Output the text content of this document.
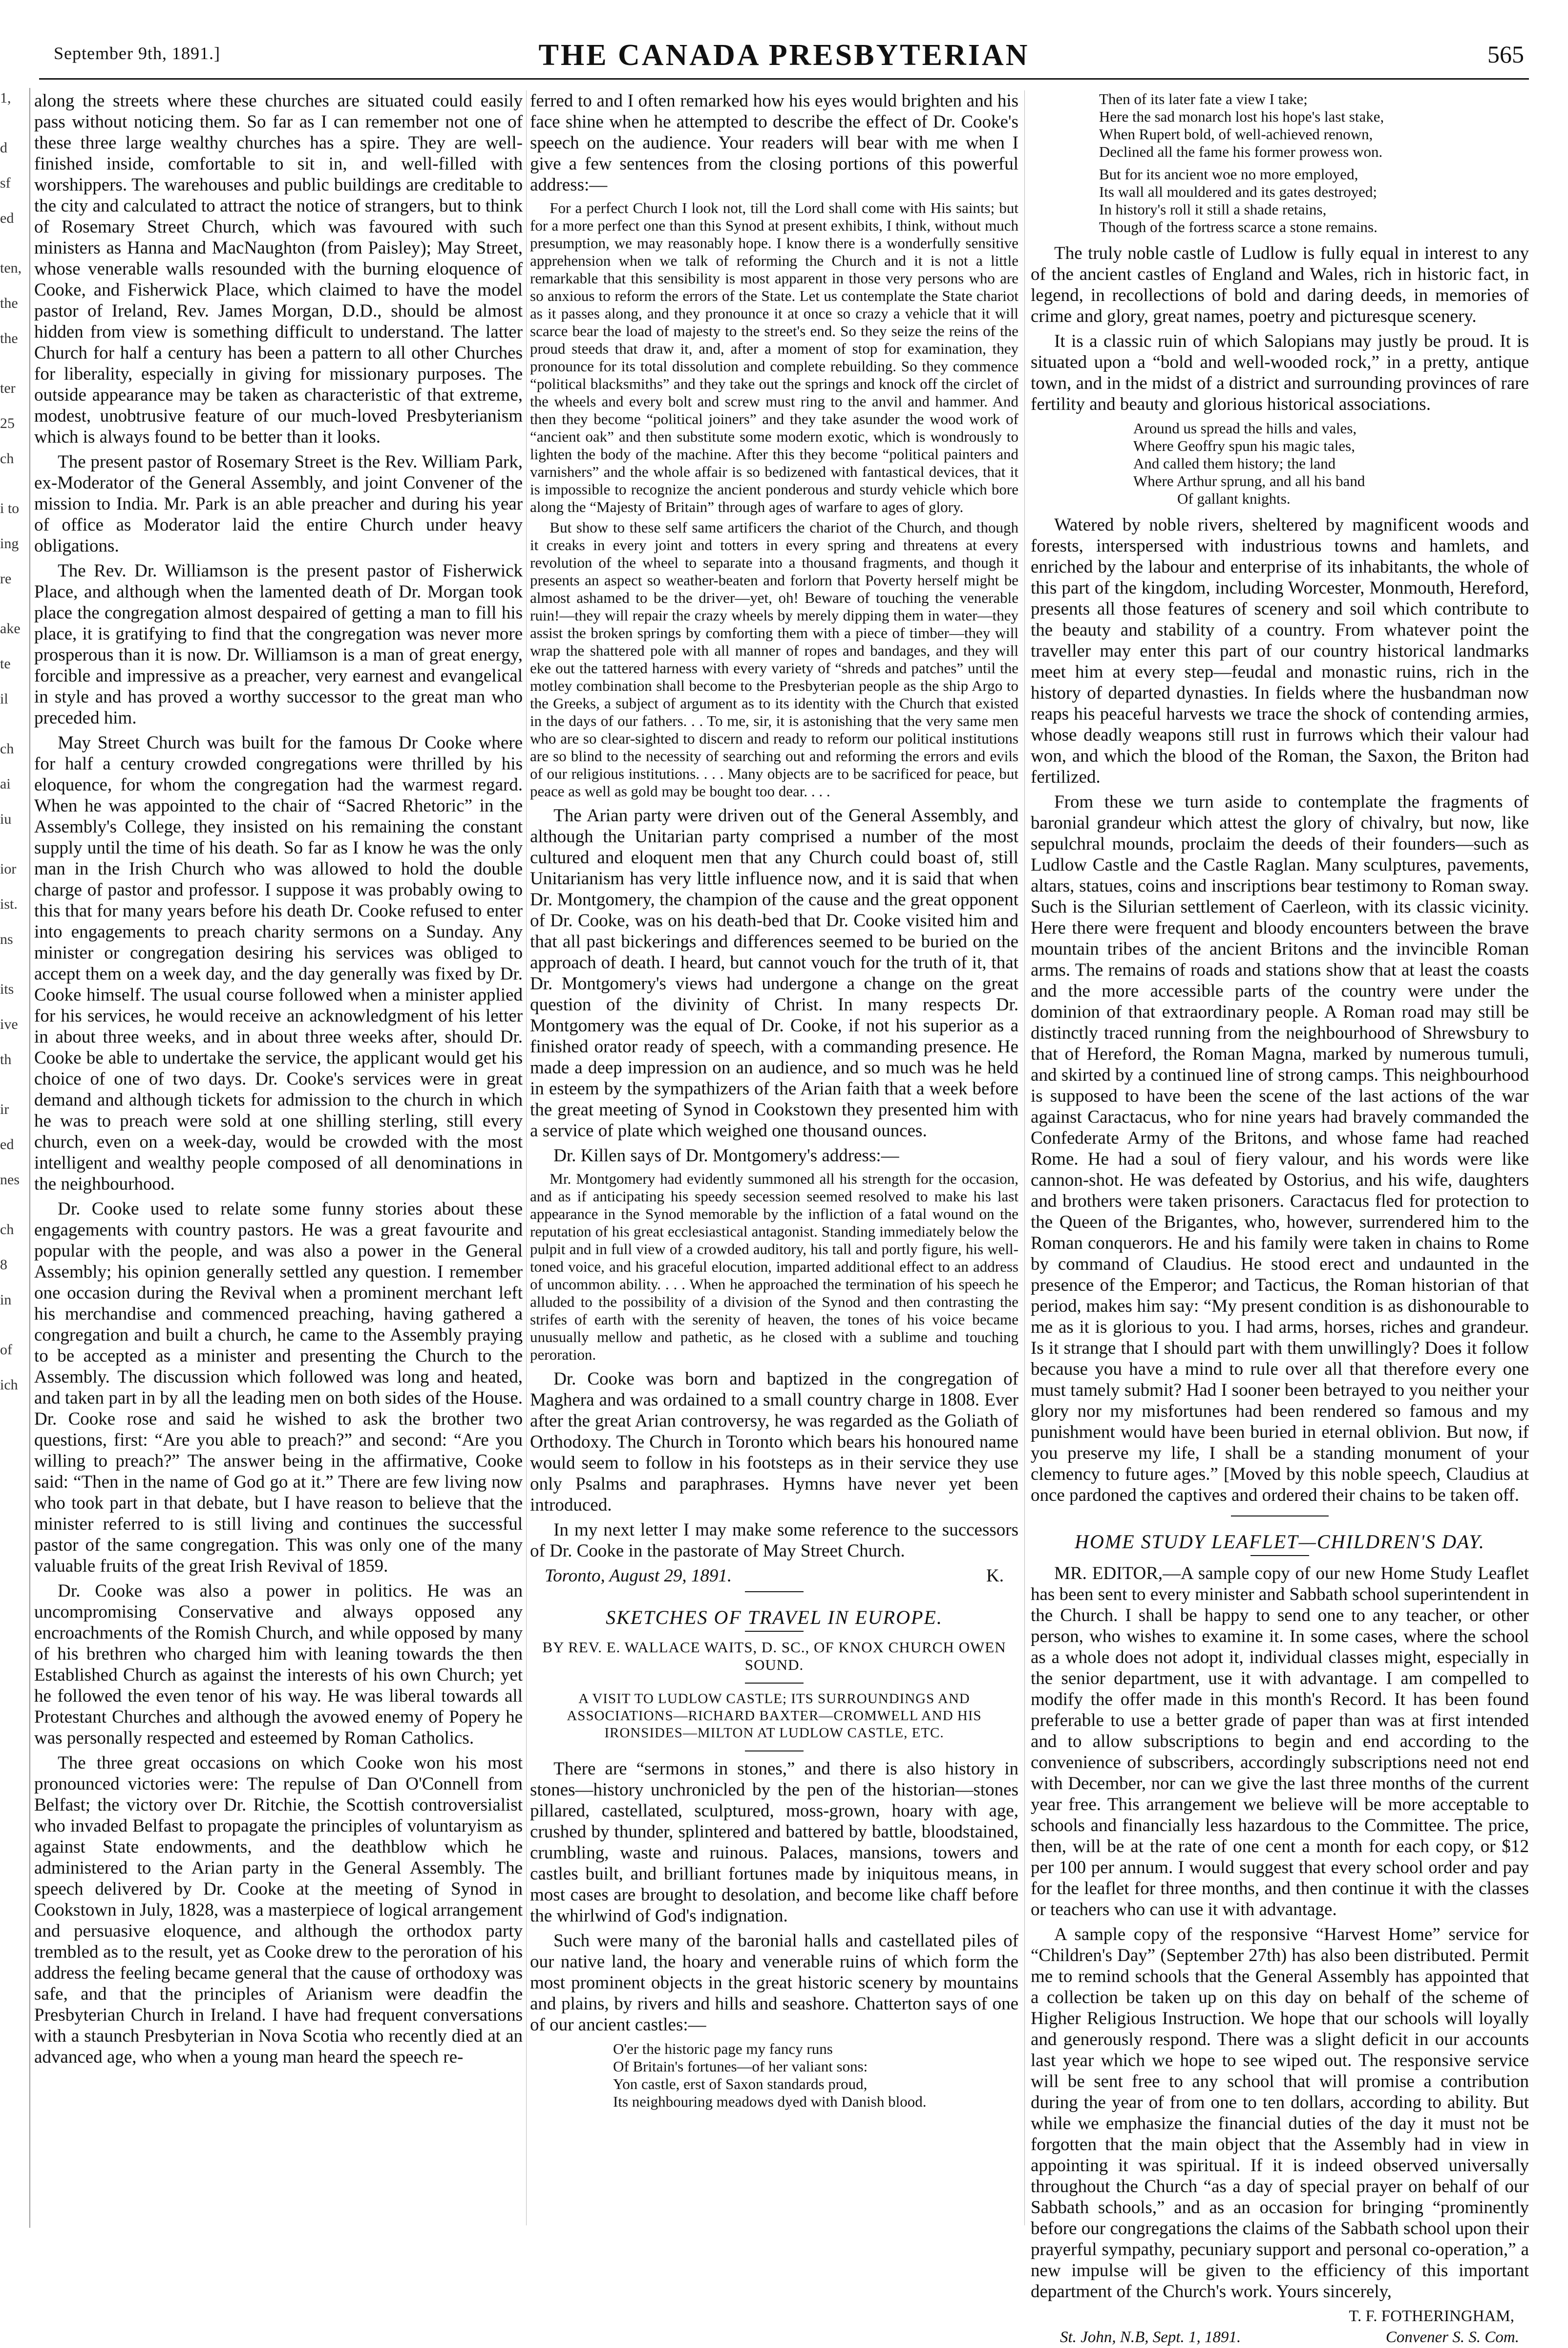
September 9th, 1891.]	THE CANADA PRESBYTERIAN	565
1,
d
sf
ed
ten,
the
the
ter
25
ch
i to
ing
re
ake
te
il
ch
ai
iu
ior
ist.
ns
its
ive
th
ir
ed
nes
ch
8
in
of
ich

along the streets where these churches are situated could easily pass without noticing them. So far as I can remember not one of these three large wealthy churches has a spire. They are well-finished inside, comfortable to sit in, and well-filled with worshippers. The warehouses and public buildings are creditable to the city and calculated to attract the notice of strangers, but to think of Rosemary Street Church, which was favoured with such ministers as Hanna and MacNaughton (from Paisley); May Street, whose venerable walls resounded with the burning eloquence of Cooke, and Fisherwick Place, which claimed to have the model pastor of Ireland, Rev. James Morgan, D.D., should be almost hidden from view is something difficult to understand. The latter Church for half a century has been a pattern to all other Churches for liberality, especially in giving for missionary purposes. The outside appearance may be taken as characteristic of that extreme, modest, unobtrusive feature of our much-loved Presbyterianism which is always found to be better than it looks.

The present pastor of Rosemary Street is the Rev. William Park, ex-Moderator of the General Assembly, and joint Convener of the mission to India. Mr. Park is an able preacher and during his year of office as Moderator laid the entire Church under heavy obligations.

The Rev. Dr. Williamson is the present pastor of Fisherwick Place, and although when the lamented death of Dr. Morgan took place the congregation almost despaired of getting a man to fill his place, it is gratifying to find that the congregation was never more prosperous than it is now. Dr. Williamson is a man of great energy, forcible and impressive as a preacher, very earnest and evangelical in style and has proved a worthy successor to the great man who preceded him.

May Street Church was built for the famous Dr Cooke where for half a century crowded congregations were thrilled by his eloquence, for whom the congregation had the warmest regard. When he was appointed to the chair of “Sacred Rhetoric” in the Assembly's College, they insisted on his remaining the constant supply until the time of his death. So far as I know he was the only man in the Irish Church who was allowed to hold the double charge of pastor and professor. I suppose it was probably owing to this that for many years before his death Dr. Cooke refused to enter into engagements to preach charity sermons on a Sunday. Any minister or congregation desiring his services was obliged to accept them on a week day, and the day generally was fixed by Dr. Cooke himself. The usual course followed when a minister applied for his services, he would receive an acknowledgment of his letter in about three weeks, and in about three weeks after, should Dr. Cooke be able to undertake the service, the applicant would get his choice of one of two days. Dr. Cooke's services were in great demand and although tickets for admission to the church in which he was to preach were sold at one shilling sterling, still every church, even on a week-day, would be crowded with the most intelligent and wealthy people composed of all denominations in the neighbourhood.

Dr. Cooke used to relate some funny stories about these engagements with country pastors. He was a great favourite and popular with the people, and was also a power in the General Assembly; his opinion generally settled any question. I remember one occasion during the Revival when a prominent merchant left his merchandise and commenced preaching, having gathered a congregation and built a church, he came to the Assembly praying to be accepted as a minister and presenting the Church to the Assembly. The discussion which followed was long and heated, and taken part in by all the leading men on both sides of the House. Dr. Cooke rose and said he wished to ask the brother two questions, first: “Are you able to preach?” and second: “Are you willing to preach?” The answer being in the affirmative, Cooke said: “Then in the name of God go at it.” There are few living now who took part in that debate, but I have reason to believe that the minister referred to is still living and continues the successful pastor of the same congregation. This was only one of the many valuable fruits of the great Irish Revival of 1859.

Dr. Cooke was also a power in politics. He was an uncompromising Conservative and always opposed any encroachments of the Romish Church, and while opposed by many of his brethren who charged him with leaning towards the then Established Church as against the interests of his own Church; yet he followed the even tenor of his way. He was liberal towards all Protestant Churches and although the avowed enemy of Popery he was personally respected and esteemed by Roman Catholics.

The three great occasions on which Cooke won his most pronounced victories were: The repulse of Dan O'Connell from Belfast; the victory over Dr. Ritchie, the Scottish controversialist who invaded Belfast to propagate the principles of voluntaryism as against State endowments, and the deathblow which he administered to the Arian party in the General Assembly. The speech delivered by Dr. Cooke at the meeting of Synod in Cookstown in July, 1828, was a masterpiece of logical arrangement and persuasive eloquence, and although the orthodox party trembled as to the result, yet as Cooke drew to the peroration of his address the feeling became general that the cause of orthodoxy was safe, and that the principles of Arianism were deadfin the Presbyterian Church in Ireland. I have had frequent conversations with a staunch Presbyterian in Nova Scotia who recently died at an advanced age, who when a young man heard the speech re-

ferred to and I often remarked how his eyes would brighten and his face shine when he attempted to describe the effect of Dr. Cooke's speech on the audience. Your readers will bear with me when I give a few sentences from the closing portions of this powerful address:—

For a perfect Church I look not, till the Lord shall come with His saints; but for a more perfect one than this Synod at present exhibits, I think, without much presumption, we may reasonably hope. I know there is a wonderfully sensitive apprehension when we talk of reforming the Church and it is not a little remarkable that this sensibility is most apparent in those very persons who are so anxious to reform the errors of the State. Let us contemplate the State chariot as it passes along, and they pronounce it at once so crazy a vehicle that it will scarce bear the load of majesty to the street's end. So they seize the reins of the proud steeds that draw it, and, after a moment of stop for examination, they pronounce for its total dissolution and complete rebuilding. So they commence “political blacksmiths” and they take out the springs and knock off the circlet of the wheels and every bolt and screw must ring to the anvil and hammer. And then they become “political joiners” and they take asunder the wood work of “ancient oak” and then substitute some modern exotic, which is wondrously to lighten the body of the machine. After this they become “political painters and varnishers” and the whole affair is so bedizened with fantastical devices, that it is impossible to recognize the ancient ponderous and sturdy vehicle which bore along the “Majesty of Britain” through ages of warfare to ages of glory.

But show to these self same artificers the chariot of the Church, and though it creaks in every joint and totters in every spring and threatens at every revolution of the wheel to separate into a thousand fragments, and though it presents an aspect so weather-beaten and forlorn that Poverty herself might be almost ashamed to be the driver—yet, oh! Beware of touching the venerable ruin!—they will repair the crazy wheels by merely dipping them in water—they assist the broken springs by comforting them with a piece of timber—they will wrap the shattered pole with all manner of ropes and bandages, and they will eke out the tattered harness with every variety of “shreds and patches” until the motley combination shall become to the Presbyterian people as the ship Argo to the Greeks, a subject of argument as to its identity with the Church that existed in the days of our fathers. . . To me, sir, it is astonishing that the very same men who are so clear-sighted to discern and ready to reform our political institutions are so blind to the necessity of searching out and reforming the errors and evils of our religious institutions. . . . Many objects are to be sacrificed for peace, but peace as well as gold may be bought too dear. . . .

The Arian party were driven out of the General Assembly, and although the Unitarian party comprised a number of the most cultured and eloquent men that any Church could boast of, still Unitarianism has very little influence now, and it is said that when Dr. Montgomery, the champion of the cause and the great opponent of Dr. Cooke, was on his death-bed that Dr. Cooke visited him and that all past bickerings and differences seemed to be buried on the approach of death. I heard, but cannot vouch for the truth of it, that Dr. Montgomery's views had undergone a change on the great question of the divinity of Christ. In many respects Dr. Montgomery was the equal of Dr. Cooke, if not his superior as a finished orator ready of speech, with a commanding presence. He made a deep impression on an audience, and so much was he held in esteem by the sympathizers of the Arian faith that a week before the great meeting of Synod in Cookstown they presented him with a service of plate which weighed one thousand ounces.

Dr. Killen says of Dr. Montgomery's address:—

Mr. Montgomery had evidently summoned all his strength for the occasion, and as if anticipating his speedy secession seemed resolved to make his last appearance in the Synod memorable by the infliction of a fatal wound on the reputation of his great ecclesiastical antagonist. Standing immediately below the pulpit and in full view of a crowded auditory, his tall and portly figure, his well-toned voice, and his graceful elocution, imparted additional effect to an address of uncommon ability. . . . When he approached the termination of his speech he alluded to the possibility of a division of the Synod and then contrasting the strifes of earth with the serenity of heaven, the tones of his voice became unusually mellow and pathetic, as he closed with a sublime and touching peroration.

Dr. Cooke was born and baptized in the congregation of Maghera and was ordained to a small country charge in 1808. Ever after the great Arian controversy, he was regarded as the Goliath of Orthodoxy. The Church in Toronto which bears his honoured name would seem to follow in his footsteps as in their service they use only Psalms and paraphrases. Hymns have never yet been introduced.

In my next letter I may make some reference to the successors of Dr. Cooke in the pastorate of May Street Church.

Toronto, August 29, 1891.	K.
SKETCHES OF TRAVEL IN EUROPE.
BY REV. E. WALLACE WAITS, D. SC., OF KNOX CHURCH OWEN SOUND.
A VISIT TO LUDLOW CASTLE; ITS SURROUNDINGS AND ASSOCIATIONS—RICHARD BAXTER—CROMWELL AND HIS IRONSIDES—MILTON AT LUDLOW CASTLE, ETC.

There are “sermons in stones,” and there is also history in stones—history unchronicled by the pen of the historian—stones pillared, castellated, sculptured, moss-grown, hoary with age, crushed by thunder, splintered and battered by battle, bloodstained, crumbling, waste and ruinous. Palaces, mansions, towers and castles built, and brilliant fortunes made by iniquitous means, in most cases are brought to desolation, and become like chaff before the whirlwind of God's indignation.

Such were many of the baronial halls and castellated piles of our native land, the hoary and venerable ruins of which form the most prominent objects in the great historic scenery by mountains and plains, by rivers and hills and seashore. Chatterton says of one of our ancient castles:—

O'er the historic page my fancy runs
Of Britain's fortunes—of her valiant sons:
Yon castle, erst of Saxon standards proud,
Its neighbouring meadows dyed with Danish blood.
Then of its later fate a view I take;
Here the sad monarch lost his hope's last stake,
When Rupert bold, of well-achieved renown,
Declined all the fame his former prowess won.
But for its ancient woe no more employed,
Its wall all mouldered and its gates destroyed;
In history's roll it still a shade retains,
Though of the fortress scarce a stone remains.

The truly noble castle of Ludlow is fully equal in interest to any of the ancient castles of England and Wales, rich in historic fact, in legend, in recollections of bold and daring deeds, in memories of crime and glory, great names, poetry and picturesque scenery.

It is a classic ruin of which Salopians may justly be proud. It is situated upon a “bold and well-wooded rock,” in a pretty, antique town, and in the midst of a district and surrounding provinces of rare fertility and beauty and glorious historical associations.

Around us spread the hills and vales,
Where Geoffry spun his magic tales,
And called them history; the land
Where Arthur sprung, and all his band
Of gallant knights.

Watered by noble rivers, sheltered by magnificent woods and forests, interspersed with industrious towns and hamlets, and enriched by the labour and enterprise of its inhabitants, the whole of this part of the kingdom, including Worcester, Monmouth, Hereford, presents all those features of scenery and soil which contribute to the beauty and stability of a country. From whatever point the traveller may enter this part of our country historical landmarks meet him at every step—feudal and monastic ruins, rich in the history of departed dynasties. In fields where the husbandman now reaps his peaceful harvests we trace the shock of contending armies, whose deadly weapons still rust in furrows which their valour had won, and which the blood of the Roman, the Saxon, the Briton had fertilized.

From these we turn aside to contemplate the fragments of baronial grandeur which attest the glory of chivalry, but now, like sepulchral mounds, proclaim the deeds of their founders—such as Ludlow Castle and the Castle Raglan. Many sculptures, pavements, altars, statues, coins and inscriptions bear testimony to Roman sway. Such is the Silurian settlement of Caerleon, with its classic vicinity. Here there were frequent and bloody encounters between the brave mountain tribes of the ancient Britons and the invincible Roman arms. The remains of roads and stations show that at least the coasts and the more accessible parts of the country were under the dominion of that extraordinary people. A Roman road may still be distinctly traced running from the neighbourhood of Shrewsbury to that of Hereford, the Roman Magna, marked by numerous tumuli, and skirted by a continued line of strong camps. This neighbourhood is supposed to have been the scene of the last actions of the war against Caractacus, who for nine years had bravely commanded the Confederate Army of the Britons, and whose fame had reached Rome. He had a soul of fiery valour, and his words were like cannon-shot. He was defeated by Ostorius, and his wife, daughters and brothers were taken prisoners. Caractacus fled for protection to the Queen of the Brigantes, who, however, surrendered him to the Roman conquerors. He and his family were taken in chains to Rome by command of Claudius. He stood erect and undaunted in the presence of the Emperor; and Tacticus, the Roman historian of that period, makes him say: “My present condition is as dishonourable to me as it is glorious to you. I had arms, horses, riches and grandeur. Is it strange that I should part with them unwillingly? Does it follow because you have a mind to rule over all that therefore every one must tamely submit? Had I sooner been betrayed to you neither your glory nor my misfortunes had been rendered so famous and my punishment would have been buried in eternal oblivion. But now, if you preserve my life, I shall be a standing monument of your clemency to future ages.” [Moved by this noble speech, Claudius at once pardoned the captives and ordered their chains to be taken off.

HOME STUDY LEAFLET—CHILDREN'S DAY.

MR. EDITOR,—A sample copy of our new Home Study Leaflet has been sent to every minister and Sabbath school superintendent in the Church. I shall be happy to send one to any teacher, or other person, who wishes to examine it. In some cases, where the school as a whole does not adopt it, individual classes might, especially in the senior department, use it with advantage. I am compelled to modify the offer made in this month's Record. It has been found preferable to use a better grade of paper than was at first intended and to allow subscriptions to begin and end according to the convenience of subscribers, accordingly subscriptions need not end with December, nor can we give the last three months of the current year free. This arrangement we believe will be more acceptable to schools and financially less hazardous to the Committee. The price, then, will be at the rate of one cent a month for each copy, or $12 per 100 per annum. I would suggest that every school order and pay for the leaflet for three months, and then continue it with the classes or teachers who can use it with advantage.

A sample copy of the responsive “Harvest Home” service for “Children's Day” (September 27th) has also been distributed. Permit me to remind schools that the General Assembly has appointed that a collection be taken up on this day on behalf of the scheme of Higher Religious Instruction. We hope that our schools will loyally and generously respond. There was a slight deficit in our accounts last year which we hope to see wiped out. The responsive service will be sent free to any school that will promise a contribution during the year of from one to ten dollars, according to ability. But while we emphasize the financial duties of the day it must not be forgotten that the main object that the Assembly had in view in appointing it was spiritual. If it is indeed observed universally throughout the Church “as a day of special prayer on behalf of our Sabbath schools,” and as an occasion for bringing “prominently before our congregations the claims of the Sabbath school upon their prayerful sympathy, pecuniary support and personal co-operation,” a new impulse will be given to the efficiency of this important department of the Church's work. Yours sincerely,

T. F. FOTHERINGHAM,
St. John, N.B, Sept. 1, 1891.	Convener S. S. Com.
